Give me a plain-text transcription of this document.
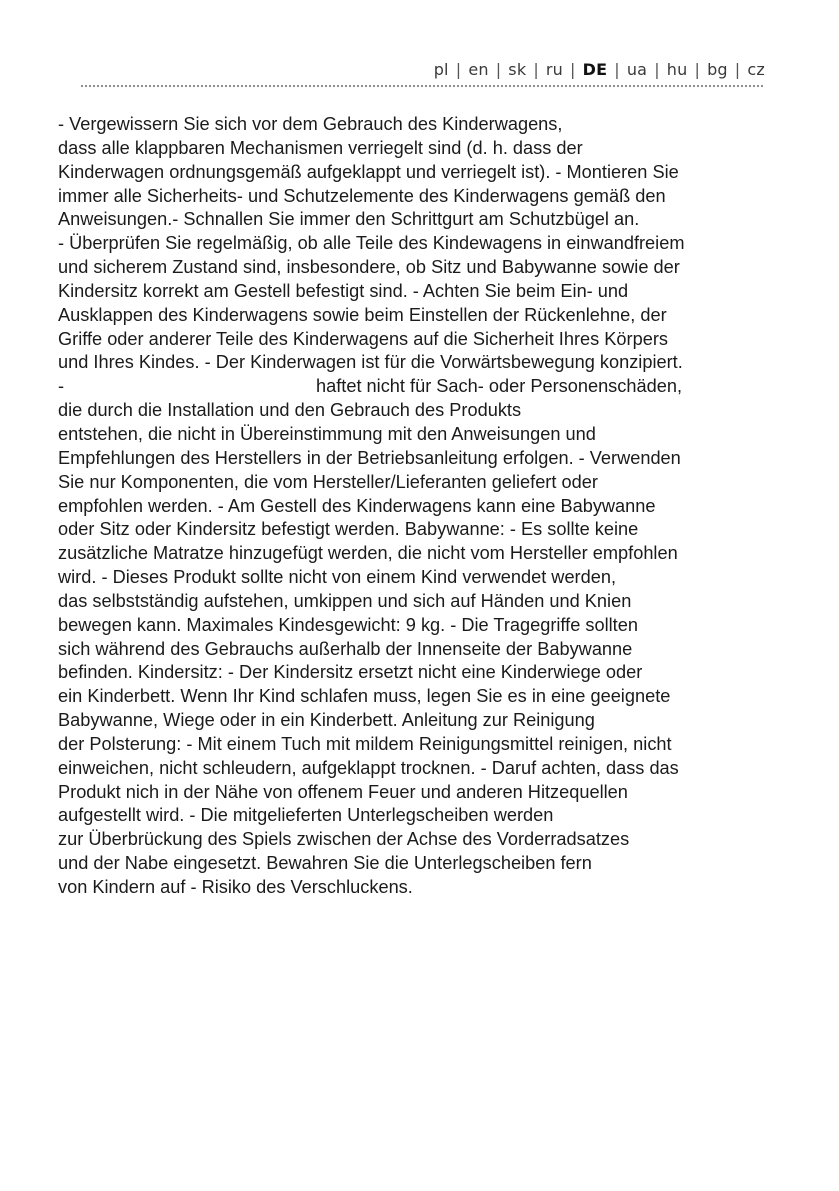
pl | en | sk | ru | DE | ua | hu | bg | cz
- Vergewissern Sie sich vor dem Gebrauch des Kinderwagens,
dass alle klappbaren Mechanismen verriegelt sind (d. h. dass der
Kinderwagen ordnungsgemäß aufgeklappt und verriegelt ist). - Montieren Sie
immer alle Sicherheits- und Schutzelemente des Kinderwagens gemäß den
Anweisungen.- Schnallen Sie immer den Schrittgurt am Schutzbügel an.
- Überprüfen Sie regelmäßig, ob alle Teile des Kindewagens in einwandfreiem
und sicherem Zustand sind, insbesondere, ob Sitz und Babywanne sowie der
Kindersitz korrekt am Gestell befestigt sind. - Achten Sie beim Ein- und
Ausklappen des Kinderwagens sowie beim Einstellen der Rückenlehne, der
Griffe oder anderer Teile des Kinderwagens auf die Sicherheit Ihres Körpers
und Ihres Kindes. - Der Kinderwagen ist für die Vorwärtsbewegung konzipiert.
-	haftet nicht für Sach- oder Personenschäden,
die durch die Installation und den Gebrauch des Produkts
entstehen, die nicht in Übereinstimmung mit den Anweisungen und
Empfehlungen des Herstellers in der Betriebsanleitung erfolgen. - Verwenden
Sie nur Komponenten, die vom Hersteller/Lieferanten geliefert oder
empfohlen werden. - Am Gestell des Kinderwagens kann eine Babywanne
oder Sitz oder Kindersitz befestigt werden. Babywanne: - Es sollte keine
zusätzliche Matratze hinzugefügt werden, die nicht vom Hersteller empfohlen
wird. - Dieses Produkt sollte nicht von einem Kind verwendet werden,
das selbstständig aufstehen, umkippen und sich auf Händen und Knien
bewegen kann. Maximales Kindesgewicht: 9 kg. - Die Tragegriffe sollten
sich während des Gebrauchs außerhalb der Innenseite der Babywanne
befinden. Kindersitz: - Der Kindersitz ersetzt nicht eine Kinderwiege oder
ein Kinderbett. Wenn Ihr Kind schlafen muss, legen Sie es in eine geeignete
Babywanne, Wiege oder in ein Kinderbett. Anleitung zur Reinigung
der Polsterung: - Mit einem Tuch mit mildem Reinigungsmittel reinigen, nicht
einweichen, nicht schleudern, aufgeklappt trocknen. - Daruf achten, dass das
Produkt nich in der Nähe von offenem Feuer und anderen Hitzequellen
aufgestellt wird. - Die mitgelieferten Unterlegscheiben werden
zur Überbrückung des Spiels zwischen der Achse des Vorderradsatzes
und der Nabe eingesetzt. Bewahren Sie die Unterlegscheiben fern
von Kindern auf - Risiko des Verschluckens.
